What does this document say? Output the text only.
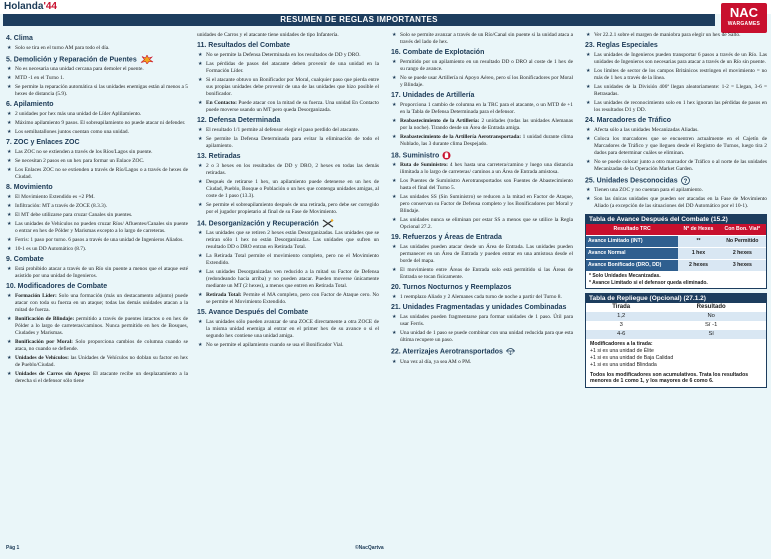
Holanda'44
RESUMEN DE REGLAS IMPORTANTES	NAC
WARGAMES
4. Clima
★ Solo se tira en el turno AM para todo el día.
5. Demolición y Reparación de Puentes
★ No es necesaria una unidad cercana para demoler el puente.
★ MTD -1 en el Turno 1.
★ Se permite la reparación automática si las unidades enemigas están al menos a 5 hexes de distancia (5.9).
6. Apilamiento
★ 2 unidades por hex más una unidad de Líder Aplilamiento.
★ Máximo apilamiento 9 pasos. El sobreapilamiento no puede atacar ni defender.
★ Los semibatallones juntos cuentan como una unidad.
7. ZOC y Enlaces ZOC
★ Las ZOC no se extienden a través de los Ríos/Lagos sin puente.
★ Se necesitan 2 pasos en un hex para formar un Enlace ZOC.
★ Los Enlaces ZOC no se extienden a través de Río/Lagos o a través de hexes de Ciudad.
8. Movimiento
★ El Movimiento Extendido es +2 PM.
★ Infiltración: MT a través de ZOCE (8.3.3).
★ El MT debe utilizarse para cruzar Canales sin puentes.
★ Las unidades de Vehículos no pueden cruzar Ríos/ Afluentes/Canales sin puente o entrar en hex de Pólder y Marismas excepto a lo largo de carreteras.
★ Ferris: 1 paso por turno. 6 pasos a través de una unidad de Ingenieros Aliados.
★ 10-1 es un DD Automático (8.7).
9. Combate
★ Está prohibido atacar a través de un Río sin puente a menos que el ataque esté asistido por una unidad de Ingenieros.
10. Modificadores de Combate
★ Formación Líder: Solo una formación (más un destacamento adjunto) puede atacar con toda su fuerza en un ataque; todas las demás unidades atacan a la mitad de fuerza.
★ Bonificación de Blindaje: permitido a través de puentes intactos o en hex de Pólder a lo largo de carreteras/caminos. Nunca permitido en hex de Bosques, Ciudades y Marismas.
★ Bonificación por Moral: Solo proporciona cambios de columna cuando se ataca, no cuando se defiende.
★ Unidades de Vehículos: las Unidades de Vehículos no doblan su factor en hex de Pueblo/Ciudad.
★ Unidades de Carros sin Apoyo: El atacante recibe un desplazamiento a la derecha si el defensor sólo tiene

unidades de Carros y el atacante tiene unidades de tipo Infantería.

11. Resultados del Combate
★ No se permite la Defensa Determinada en los resultados de DD y DRO.
★ Las pérdidas de pasos del atacante deben provenir de una unidad en la Formación Líder.
★ Si el atacante obtuvo un Bonificador por Moral, cualquier paso que pierda entre sus propias unidades debe provenir de una de las unidades que hizo posible el bonificador.
★ En Contacto: Puede atacar con la mitad de su fuerza. Una unidad En Contacto puede moverse usando un MT pero queda Desorganizada.
12. Defensa Determinada
★ El resultado 1/1 permite al defensor elegir el paso perdido del atacante.
★ Se permite la Defensa Determinada para evitar la eliminación de todo el apilamiento.
13. Retiradas
★ 2 o 3 hexes en los resultados de DD y DRO, 2 hexes en todas las demás retiradas.
★ Después de retirarse 1 hex, un apilamiento puede detenerse en un hex de Ciudad, Pueblo, Bosque o Población o un hex que contenga unidades amigas, al coste de 1 paso (13.3).
★ Se permite el sobreapilamiento después de una retirada, pero debe ser corregido por el jugador propietario al final de su Fase de Movimiento.
14. Desorganización y Recuperación
★ Las unidades que se retiren 2 hexes están Desorganizadas. Las unidades que se retiran sólo 1 hex no están Desorganizadas. Las unidades que sufren un resultado DD o DRO entran en Retirada Total.
★ La Retirada Total permite el movimiento completo, pero no el Movimiento Extendido.
★ Las unidades Desorganizadas ven reducido a la mitad su Factor de Defensa (redondeando hacia arriba) y no pueden atacar. Pueden moverse únicamente mediante un MT (2 hexes), a menos que entren en Retirada Total.
★ Retirada Total: Permite el MA completo, pero con Factor de Ataque cero. No se permite el Movimiento Extendido.
15. Avance Después del Combate
★ Las unidades sólo pueden avanzar de una ZOCE directamente a otra ZOCE de la misma unidad enemiga al entrar en el primer hex de su avance o si el segundo hex contiene una unidad amiga.
★ No se permite el apilamiento cuando se usa el Bonificador Vial.
★ Solo se permite avanzar a través de un Río/Canal sin puente si la unidad ataca a través del lado de hex.
16. Combate de Explotación
★ Permitido por un apilamiento en un resultado DD o DRO al coste de 1 hex de su rango de avance.
★ No se puede usar Artillería ni Apoyo Aéreo, pero sí los Bonificadores por Moral y Blindaje.
17. Unidades de Artillería
★ Proporciona 1 cambio de columna en la TRC para el atacante, o un MTD de +1 en la Tabla de Defensa Determinada para el defensor.
★ Reabastecimiento de la Artillería: 2 unidades (todas las unidades Alemanas por la noche). Tirando desde un Área de Entrada amiga.
★ Reabastecimiento de la Artillería Aerotransportada: 1 unidad durante clima Nublado, las 3 durante clima Despejado.
18. Suministro
★ Ruta de Suministro: 4 hex hasta una carretera/camino y luego una distancia ilimitada a lo largo de carreteras/ caminos a un Área de Entrada amistosa.
★ Los Puentes de Suministro Aerotransportados son Fuentes de Abastecimiento hasta el final del Turno 5.
★ Las unidades SS (Sin Suministro) se reducen a la mitad en Factor de Ataque, pero conservan su Factor de Defensa completo y los Bonificadores por Moral y Blindaje.
★ Las unidades nunca se eliminan por estar SS a menos que se utilice la Regla Opcional 27.2.
19. Refuerzos y Áreas de Entrada
★ Las unidades pueden atacar desde un Área de Entrada. Las unidades pueden permanecer en un Área de Entrada y pueden entrar en una amistosa desde el borde del mapa.
★ El movimiento entre Áreas de Entrada solo está permitido si las Áreas de Entrada se tocan físicamente.
20. Turnos Nocturnos y Reemplazos
★ 1 reemplazo Aliado y 2 Alemanes cada turno de noche a partir del Turno 8.
21. Unidades Fragmentadas y unidades Combinadas
★ Las unidades pueden fragmentarse para formar unidades de 1 paso. Útil para usar Ferris.
★ Una unidad de 1 paso se puede combinar con una unidad reducida para que esta última recupere un paso.
22. Aterrizajes Aerotransportados
★ Una vez al día, ya sea AM o PM.
★ Ver 22.2.1 sobre el margen de maniobra para elegir un hex de Salto.
23. Reglas Especiales
★ Las unidades de Ingenieros pueden transportar 6 pasos a través de un Río. Las unidades de Ingenieros son necesarias para atacar a través de un Río sin puente.
★ Los límites de sector de los campos Británicos restringen el movimiento = no más de 1 hex a través de la línea.
★ Las unidades de la División 406ª llegan aleatoriamente: 1-2 = Llegan, 3-6 = Retrasadas.
★ Las unidades de reconocimiento solo en 1 hex ignoran las pérdidas de pasos en los resultados D1 y DD.
24. Marcadores de Tráfico
★ Afecta sólo a las unidades Mecanizadas Aliadas.
★ Coloca los marcadores que se encuentren actualmente en el Cajetín de Marcadores de Tráfico y que lleguen desde el Registro de Turnos, luego tira 2 dados para determinar cuáles se eliminan.
★ No se puede colocar junto a otro marcador de Tráfico o al norte de las unidades Mecanizadas de la Operación Market Garden.
25. Unidades Desconocidas ?
★ Tienen una ZOC y no cuentan para el apilamiento.
★ Son las únicas unidades que pueden ser atacadas en la Fase de Movimiento Aliado (a excepción de las situaciones del DD Automático por el 10-1).
Tabla de Avance Después del Combate (15.2)
Resultado TRC	Nº de Hexes	Con Bon. Vial*
Avance Limitado (INT)	**	No Permitido
Avance Normal	1 hex	2 hexes
Avance Bonificado (DRO, DD)	2 hexes	3 hexes
* Solo Unidades Mecanizadas.
* Avance Limitado si el defensor queda eliminado.
Tabla de Repliegue (Opcional) (27.1.2)
Tirada	Resultado
1,2	No
3	Sí -1
4-6	Sí
Modificadores a la tirada:
+1 si es una unidad de Élite
+1 si es una unidad de Baja Calidad
+1 si es una unidad Blindada
Todos los modificadores son acumulativos. Trata los resultados menores de 1 como 1, y los mayores de 6 como 6.
Pág 1	©NacQartva
